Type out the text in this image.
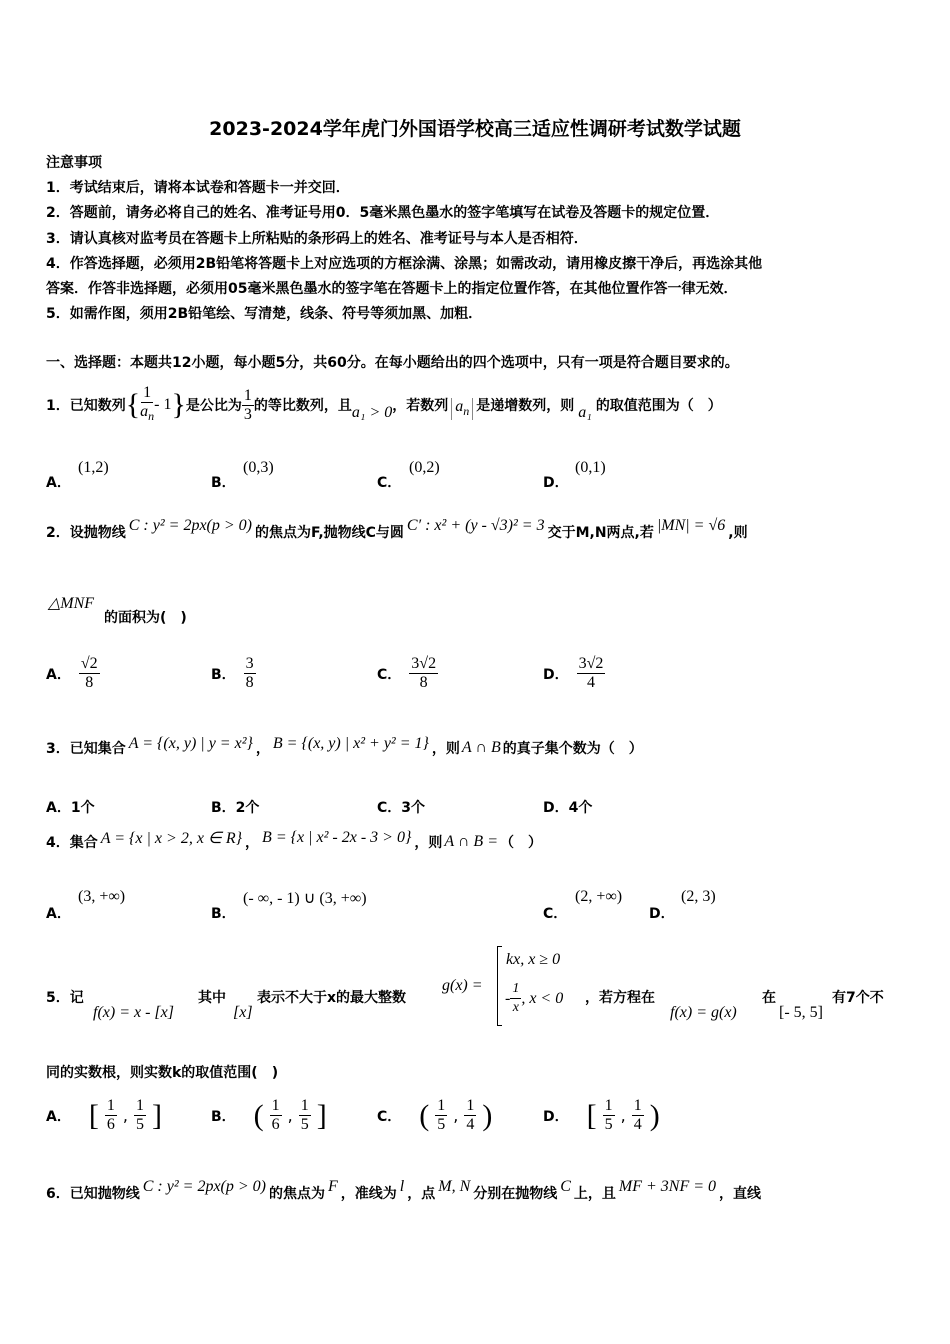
2023-2024学年虎门外国语学校高三适应性调研考试数学试题
注意事项
1．考试结束后，请将本试卷和答题卡一并交回．
2．答题前，请务必将自己的姓名、准考证号用0．5毫米黑色墨水的签字笔填写在试卷及答题卡的规定位置．
3．请认真核对监考员在答题卡上所粘贴的条形码上的姓名、准考证号与本人是否相符．
4．作答选择题，必须用2B铅笔将答题卡上对应选项的方框涂满、涂黑；如需改动，请用橡皮擦干净后，再选涂其他
答案．作答非选择题，必须用05毫米黑色墨水的签字笔在答题卡上的指定位置作答，在其他位置作答一律无效．
5．如需作图，须用2B铅笔绘、写清楚，线条、符号等须加黑、加粗．
一、选择题：本题共12小题，每小题5分，共60分。在每小题给出的四个选项中，只有一项是符合题目要求的。
1．已知数列 { $\frac{1}{a_n} - 1$ } 是公比为 $\frac{1}{3}$ 的等比数列，且 a₁ > 0 ，若数列 $a_n$ 是递增数列，则 a₁ 的取值范围为（　）
A．
(1,2)
B．
(0,3)
C．
(0,2)
D．
(0,1)
2．设抛物线 C : y² = 2px(p > 0) 的焦点为F,抛物线C与圆 C′ : x² + (y - √3)² = 3 交于M,N两点,若 |MN| = √6 ,则
△MNF
的面积为(　)
A． $\frac{√2}{8}$	B． $\frac{3}{8}$	C． $\frac{3√2}{8}$	D． $\frac{3√2}{4}$
3．已知集合 A = {(x, y) | y = x²} ， B = {(x, y) | x² + y² = 1} ，则 A ∩ B 的真子集个数为（　）
A．1个	B．2个	C．3个	D．4个
4．集合 A = {x | x > 2, x ∈ R} ， B = {x | x² - 2x - 3 > 0} ，则 A ∩ B = （　）
A．
(3, +∞)
B．
(- ∞, - 1) ∪ (3, +∞)
C．
(2, +∞)
D．
(2, 3)
5．记
f(x) = x - [x]
其中
[x]
表示不大于x的最大整数
g(x) =
kx, x ≥ 0
- $\frac{1}{x}$ , x < 0 ，若方程在
f(x) = g(x)
在
[- 5, 5]
有7个不
同的实数根，则实数k的取值范围(　)
A． [ $\frac{1}{6}$ , $\frac{1}{5}$ ]	B． ( $\frac{1}{6}$ , $\frac{1}{5}$ ]	C． ( $\frac{1}{5}$ , $\frac{1}{4}$ )	D． [ $\frac{1}{5}$ , $\frac{1}{4}$ )
6．已知抛物线 C : y² = 2px(p > 0) 的焦点为 F ，准线为 l ，点 M, N 分别在抛物线 C 上，且 MF + 3NF = 0 ，直线
